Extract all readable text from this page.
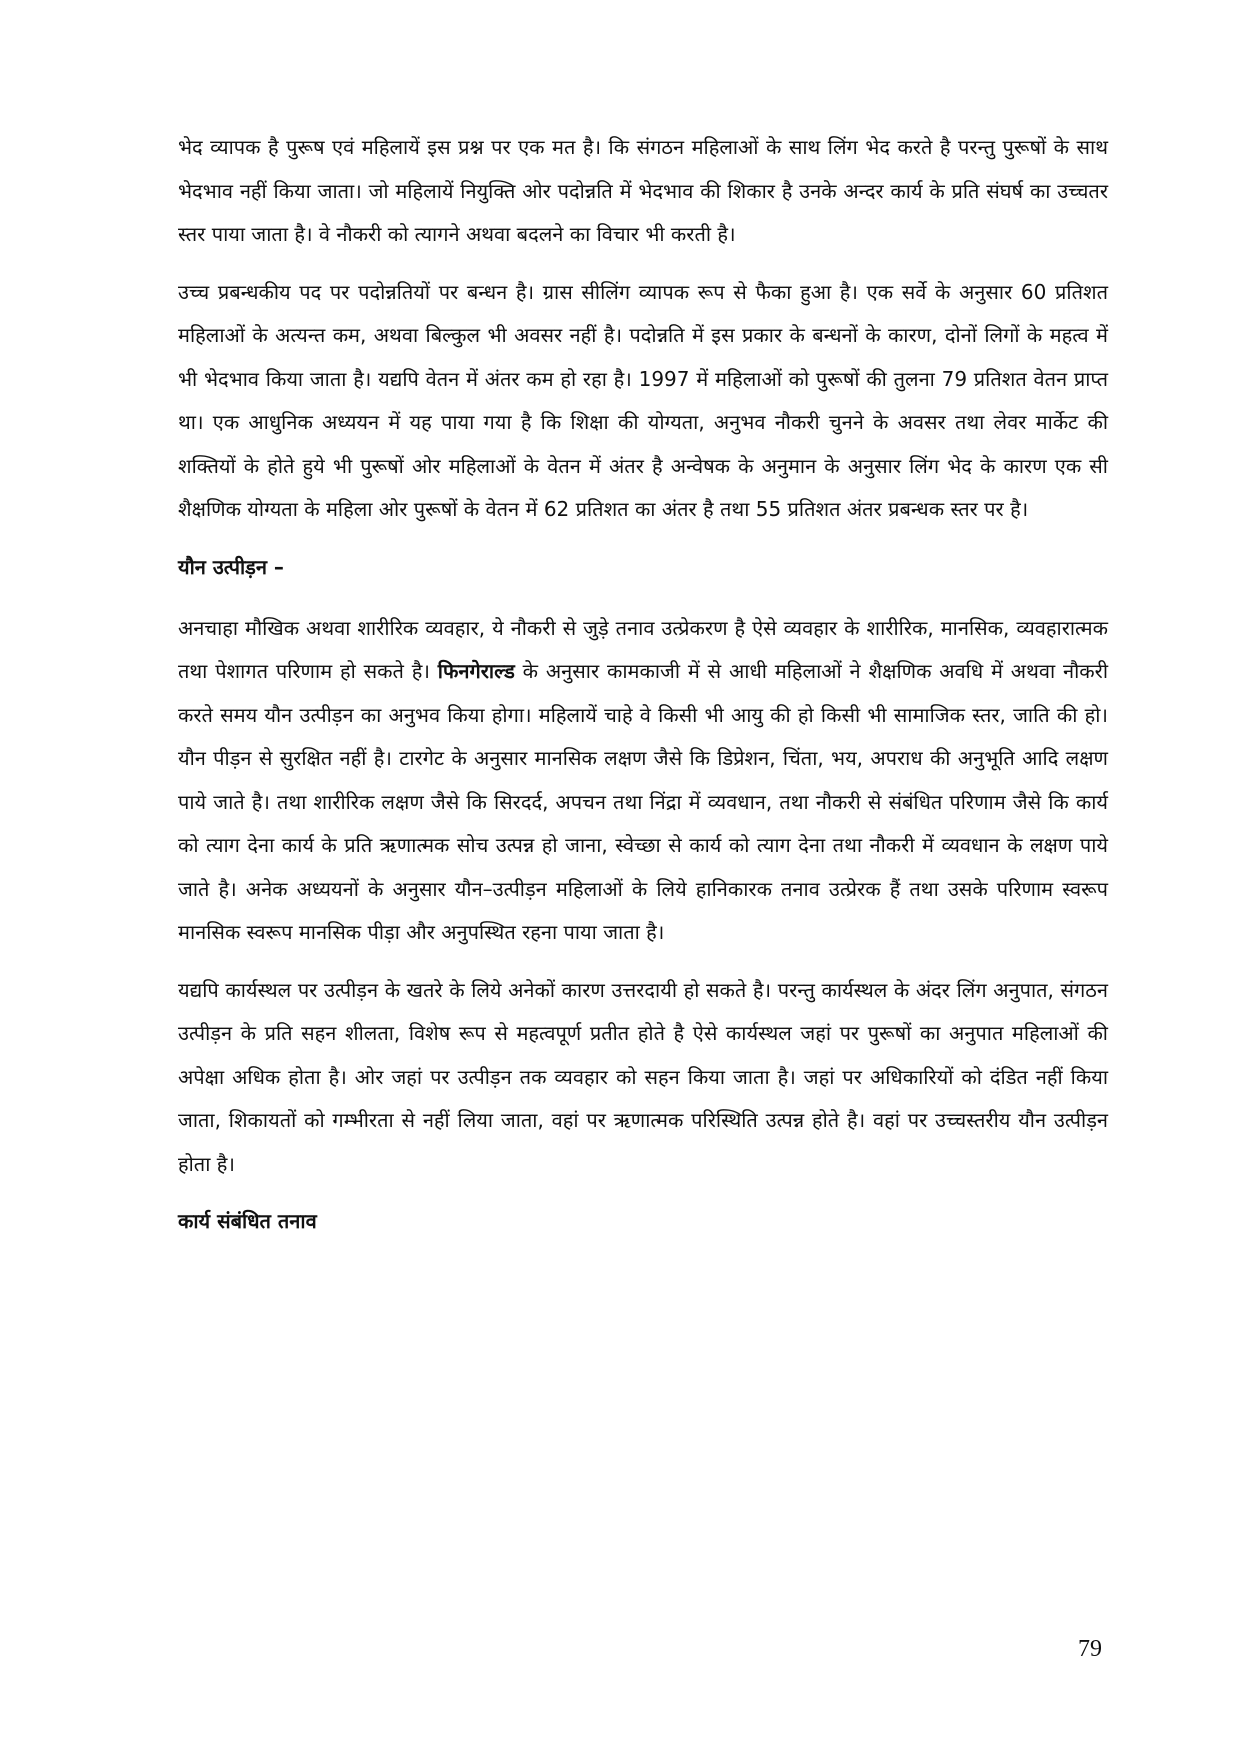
भेद व्यापक है पुरूष एवं महिलायें इस प्रश्न पर एक मत है। कि संगठन महिलाओं के साथ लिंग भेद करते है परन्तु पुरूषों के साथ भेदभाव नहीं किया जाता। जो महिलायें नियुक्ति ओर पदोन्नति में भेदभाव की शिकार है उनके अन्दर कार्य के प्रति संघर्ष का उच्चतर स्तर पाया जाता है। वे नौकरी को त्यागने अथवा बदलने का विचार भी करती है।

उच्च प्रबन्धकीय पद पर पदोन्नतियों पर बन्धन है। ग्रास सीलिंग व्यापक रूप से फैका हुआ है। एक सर्वे के अनुसार 60 प्रतिशत महिलाओं के अत्यन्त कम, अथवा बिल्कुल भी अवसर नहीं है। पदोन्नति में इस प्रकार के बन्धनों के कारण, दोनों लिगों के महत्व में भी भेदभाव किया जाता है। यद्यपि वेतन में अंतर कम हो रहा है। 1997 में महिलाओं को पुरूषों की तुलना 79 प्रतिशत वेतन प्राप्त था। एक आधुनिक अध्ययन में यह पाया गया है कि शिक्षा की योग्यता, अनुभव नौकरी चुनने के अवसर तथा लेवर मार्केट की शक्तियों के होते हुये भी पुरूषों ओर महिलाओं के वेतन में अंतर है अन्वेषक के अनुमान के अनुसार लिंग भेद के कारण एक सी शैक्षणिक योग्यता के महिला ओर पुरूषों के वेतन में 62 प्रतिशत का अंतर है तथा 55 प्रतिशत अंतर प्रबन्धक स्तर पर है।

यौन उत्पीड़न –

अनचाहा मौखिक अथवा शारीरिक व्यवहार, ये नौकरी से जुड़े तनाव उत्प्रेकरण है ऐसे व्यवहार के शारीरिक, मानसिक, व्यवहारात्मक तथा पेशागत परिणाम हो सकते है। फिनगेराल्ड के अनुसार कामकाजी में से आधी महिलाओं ने शैक्षणिक अवधि में अथवा नौकरी करते समय यौन उत्पीड़न का अनुभव किया होगा। महिलायें चाहे वे किसी भी आयु की हो किसी भी सामाजिक स्तर, जाति की हो। यौन पीड़न से सुरक्षित नहीं है। टारगेट के अनुसार मानसिक लक्षण जैसे कि डिप्रेशन, चिंता, भय, अपराध की अनुभूति आदि लक्षण पाये जाते है। तथा शारीरिक लक्षण जैसे कि सिरदर्द, अपचन तथा निंद्रा में व्यवधान, तथा नौकरी से संबंधित परिणाम जैसे कि कार्य को त्याग देना कार्य के प्रति ऋणात्मक सोच उत्पन्न हो जाना, स्वेच्छा से कार्य को त्याग देना तथा नौकरी में व्यवधान के लक्षण पाये जाते है। अनेक अध्ययनों के अनुसार यौन–उत्पीड़न महिलाओं के लिये हानिकारक तनाव उत्प्रेरक हैं तथा उसके परिणाम स्वरूप मानसिक स्वरूप मानसिक पीड़ा और अनुपस्थित रहना पाया जाता है।

यद्यपि कार्यस्थल पर उत्पीड़न के खतरे के लिये अनेकों कारण उत्तरदायी हो सकते है। परन्तु कार्यस्थल के अंदर लिंग अनुपात, संगठन उत्पीड़न के प्रति सहन शीलता, विशेष रूप से महत्वपूर्ण प्रतीत होते है ऐसे कार्यस्थल जहां पर पुरूषों का अनुपात महिलाओं की अपेक्षा अधिक होता है। ओर जहां पर उत्पीड़न तक व्यवहार को सहन किया जाता है। जहां पर अधिकारियों को दंडित नहीं किया जाता, शिकायतों को गम्भीरता से नहीं लिया जाता, वहां पर ऋणात्मक परिस्थिति उत्पन्न होते है। वहां पर उच्चस्तरीय यौन उत्पीड़न होता है।

कार्य संबंधित तनाव
79
